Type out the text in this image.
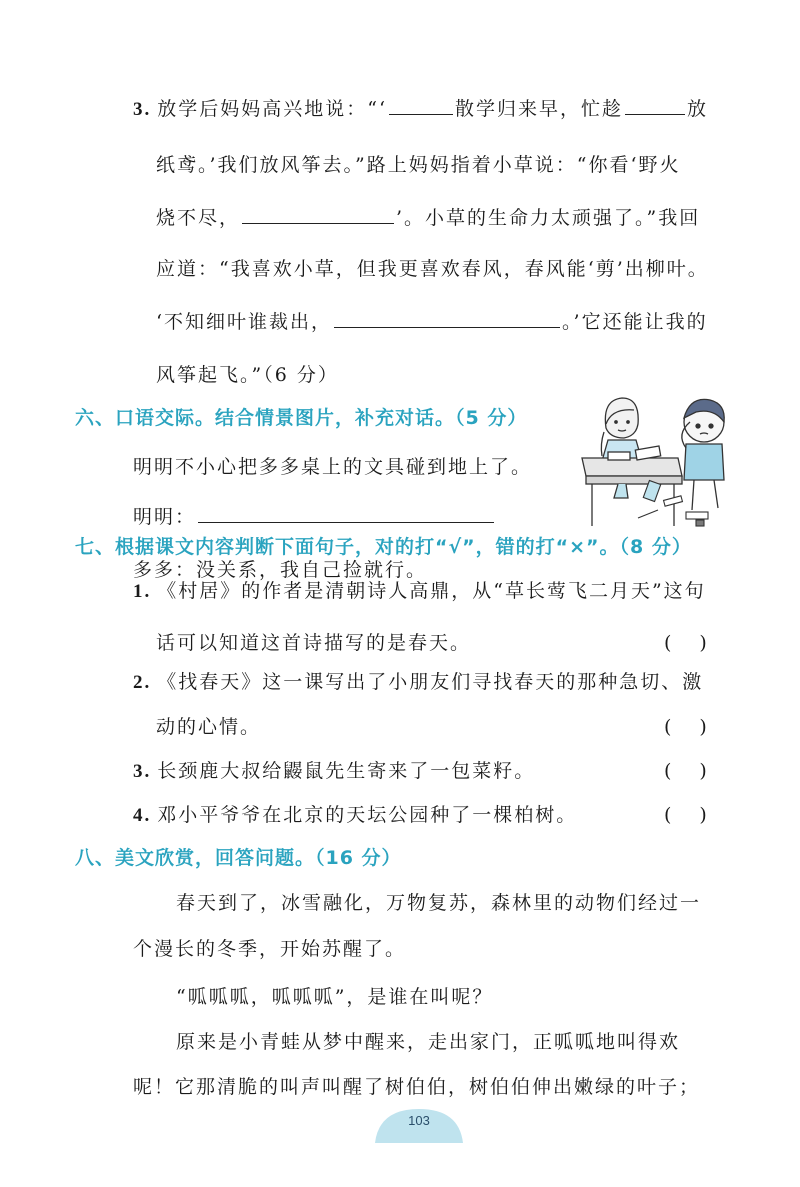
3. 放学后妈妈高兴地说：“‘	散学归来早，忙趁	放
纸鸢。’我们放风筝去。”路上妈妈指着小草说：“你看‘野火
烧不尽，	’。小草的生命力太顽强了。”我回
应道：“我喜欢小草，但我更喜欢春风，春风能‘剪’出柳叶。
‘不知细叶谁裁出，	。’它还能让我的
风筝起飞。”（6 分）
六、口语交际。结合情景图片，补充对话。（5 分）
明明不小心把多多桌上的文具碰到地上了。
明明：
多多：没关系，我自己捡就行。
七、根据课文内容判断下面句子，对的打“√”，错的打“×”。（8 分）
1. 《村居》的作者是清朝诗人高鼎，从“草长莺飞二月天”这句
话可以知道这首诗描写的是春天。	()
2. 《找春天》这一课写出了小朋友们寻找春天的那种急切、激
动的心情。	()
3. 长颈鹿大叔给鼹鼠先生寄来了一包菜籽。	()
4. 邓小平爷爷在北京的天坛公园种了一棵柏树。	()
八、美文欣赏，回答问题。（16 分）
春天到了，冰雪融化，万物复苏，森林里的动物们经过一
个漫长的冬季，开始苏醒了。
“呱呱呱，呱呱呱”，是谁在叫呢？
原来是小青蛙从梦中醒来，走出家门，正呱呱地叫得欢
呢！它那清脆的叫声叫醒了树伯伯，树伯伯伸出嫩绿的叶子；
103
